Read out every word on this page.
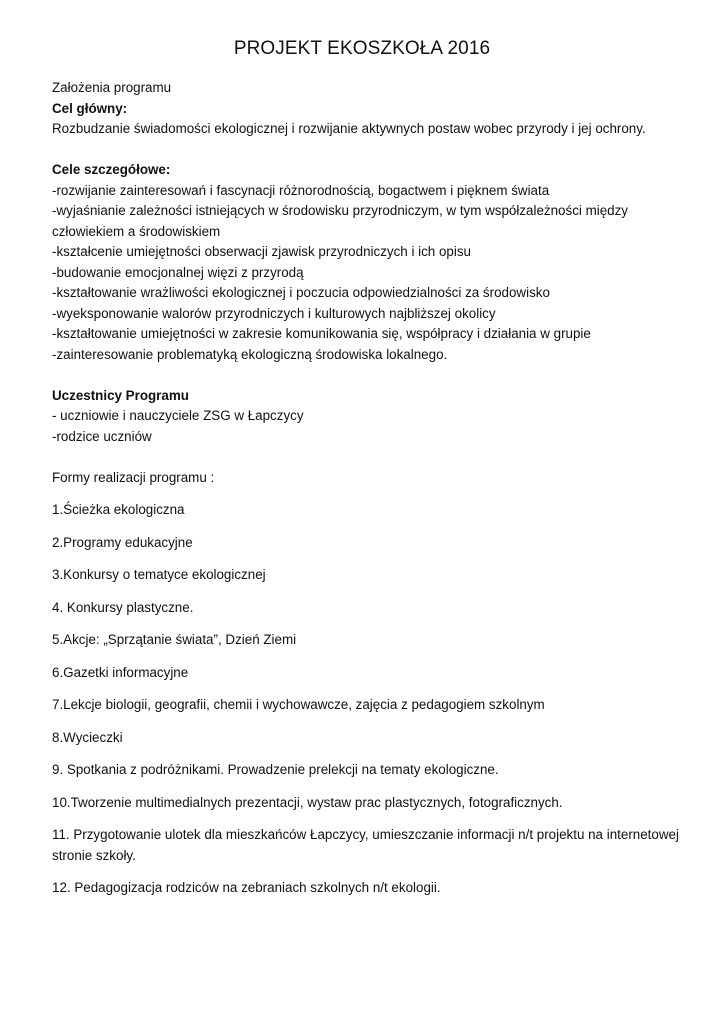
PROJEKT EKOSZKOŁA 2016

Założenia programu

Cel główny:

Rozbudzanie świadomości ekologicznej i rozwijanie aktywnych postaw wobec przyrody i jej ochrony.

Cele szczegółowe:

-rozwijanie zainteresowań i fascynacji różnorodnością, bogactwem i pięknem świata

-wyjaśnianie zależności istniejących w środowisku przyrodniczym, w tym współzależności między

człowiekiem a środowiskiem

-kształcenie umiejętności obserwacji zjawisk przyrodniczych i ich opisu

-budowanie emocjonalnej więzi z przyrodą

-kształtowanie wrażliwości ekologicznej i poczucia odpowiedzialności za środowisko

-wyeksponowanie walorów przyrodniczych i kulturowych najbliższej okolicy

-kształtowanie umiejętności w zakresie komunikowania się, współpracy i działania w grupie

-zainteresowanie problematyką ekologiczną środowiska lokalnego.

Uczestnicy Programu

- uczniowie i nauczyciele ZSG w Łapczycy

-rodzice uczniów

Formy realizacji programu :

1.Ścieżka ekologiczna

2.Programy edukacyjne

3.Konkursy o tematyce ekologicznej

4. Konkursy plastyczne.

5.Akcje: „Sprzątanie świata”, Dzień Ziemi

6.Gazetki informacyjne

7.Lekcje biologii, geografii, chemii i wychowawcze, zajęcia z pedagogiem szkolnym

8.Wycieczki

9. Spotkania z podróżnikami. Prowadzenie prelekcji na tematy ekologiczne.

10.Tworzenie multimedialnych prezentacji, wystaw prac plastycznych, fotograficznych.

11. Przygotowanie ulotek dla mieszkańców Łapczycy, umieszczanie informacji n/t projektu na internetowej stronie szkoły.

12. Pedagogizacja rodziców na zebraniach szkolnych n/t ekologii.
